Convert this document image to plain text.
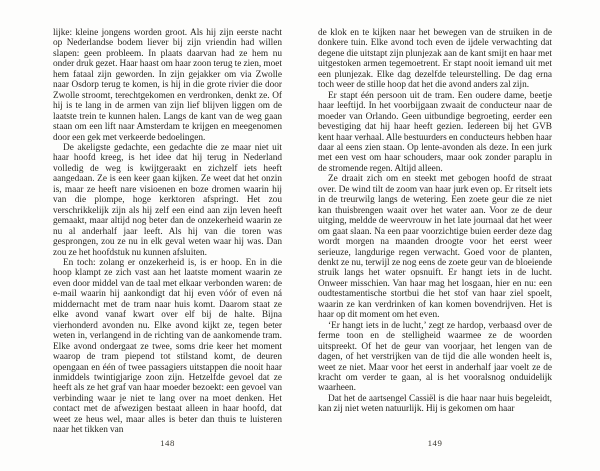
lijke: kleine jongens worden groot. Als hij zijn eerste nacht op Nederlandse bodem liever bij zijn vriendin had willen slapen: geen probleem. In plaats daarvan had ze hem nu onder druk gezet. Haar haast om haar zoon terug te zien, moet hem fataal zijn geworden. In zijn gejakker om via Zwolle naar Osdorp terug te komen, is hij in die grote rivier die door Zwolle stroomt, terechtgekomen en verdronken, denkt ze. Of hij is te lang in de armen van zijn lief blijven liggen om de laatste trein te kunnen halen. Langs de kant van de weg gaan staan om een lift naar Amsterdam te krijgen en meegenomen door een gek met verkeerde bedoelingen.

De akeligste gedachte, een gedachte die ze maar niet uit haar hoofd kreeg, is het idee dat hij terug in Nederland volledig de weg is kwijtgeraakt en zichzelf iets heeft aangedaan. Ze is een keer gaan kijken. Ze weet dat het onzin is, maar ze heeft nare visioenen en boze dromen waarin hij van die plompe, hoge kerktoren afspringt. Het zou verschrikkelijk zijn als hij zelf een eind aan zijn leven heeft gemaakt, maar altijd nog beter dan de onzekerheid waarin ze nu al anderhalf jaar leeft. Als hij van die toren was gesprongen, zou ze nu in elk geval weten waar hij was. Dan zou ze het hoofdstuk nu kunnen afsluiten.

En toch: zolang er onzekerheid is, is er hoop. En in die hoop klampt ze zich vast aan het laatste moment waarin ze even door middel van de taal met elkaar verbonden waren: de e-mail waarin hij aankondigt dat hij even vóór of even ná middernacht met de tram naar huis komt. Daarom staat ze elke avond vanaf kwart over elf bij de halte. Bijna vierhonderd avonden nu. Elke avond kijkt ze, tegen beter weten in, verlangend in de richting van de aankomende tram. Elke avond ondergaat ze twee, soms drie keer het moment waarop de tram piepend tot stilstand komt, de deuren opengaan en één of twee passagiers uitstappen die nooit haar inmiddels twintigjarige zoon zijn. Hetzelfde gevoel dat ze heeft als ze het graf van haar moeder bezoekt: een gevoel van verbinding waar je niet te lang over na moet denken. Het contact met de afwezigen bestaat alleen in haar hoofd, dat weet ze heus wel, maar alles is beter dan thuis te luisteren naar het tikken van

de klok en te kijken naar het bewegen van de struiken in de donkere tuin. Elke avond toch even de ijdele verwachting dat degene die uitstapt zijn plunjezak aan de kant smijt en haar met uitgestoken armen tegemoetrent. Er stapt nooit iemand uit met een plunjezak. Elke dag dezelfde teleurstelling. De dag erna toch weer de stille hoop dat het die avond anders zal zijn.

Er stapt één persoon uit de tram. Een oudere dame, beetje haar leeftijd. In het voorbijgaan zwaait de conducteur naar de moeder van Orlando. Geen uitbundige begroeting, eerder een bevestiging dat hij haar heeft gezien. Iedereen bij het GVB kent haar verhaal. Alle bestuurders en conducteurs hebben haar daar al eens zien staan. Op lente-avonden als deze. In een jurk met een vest om haar schouders, maar ook zonder paraplu in de stromende regen. Altijd alleen.

Ze draait zich om en steekt met gebogen hoofd de straat over. De wind tilt de zoom van haar jurk even op. Er ritselt iets in de treurwilg langs de wetering. Een zoete geur die ze niet kan thuisbrengen waait over het water aan. Voor ze de deur uitging, meldde de weervrouw in het late journaal dat het weer om gaat slaan. Na een paar voorzichtige buien eerder deze dag wordt morgen na maanden droogte voor het eerst weer serieuze, langdurige regen verwacht. Goed voor de planten, denkt ze nu, terwijl ze nog eens de zoete geur van de bloeiende struik langs het water opsnuift. Er hangt iets in de lucht. Onweer misschien. Van haar mag het losgaan, hier en nu: een oudtestamentische stortbui die het stof van haar ziel spoelt, waarin ze kan verdrinken of kan komen bovendrijven. Het is haar op dit moment om het even.

‘Er hangt iets in de lucht,’ zegt ze hardop, verbaasd over de ferme toon en de stelligheid waarmee ze de woorden uitspreekt. Of het de geur van voorjaar, het lengen van de dagen, of het verstrijken van de tijd die alle wonden heelt is, weet ze niet. Maar voor het eerst in anderhalf jaar voelt ze de kracht om verder te gaan, al is het vooralsnog onduidelijk waarheen.

Dat het de aartsengel Cassiël is die haar naar huis begeleidt, kan zij niet weten natuurlijk. Hij is gekomen om haar

148	149
